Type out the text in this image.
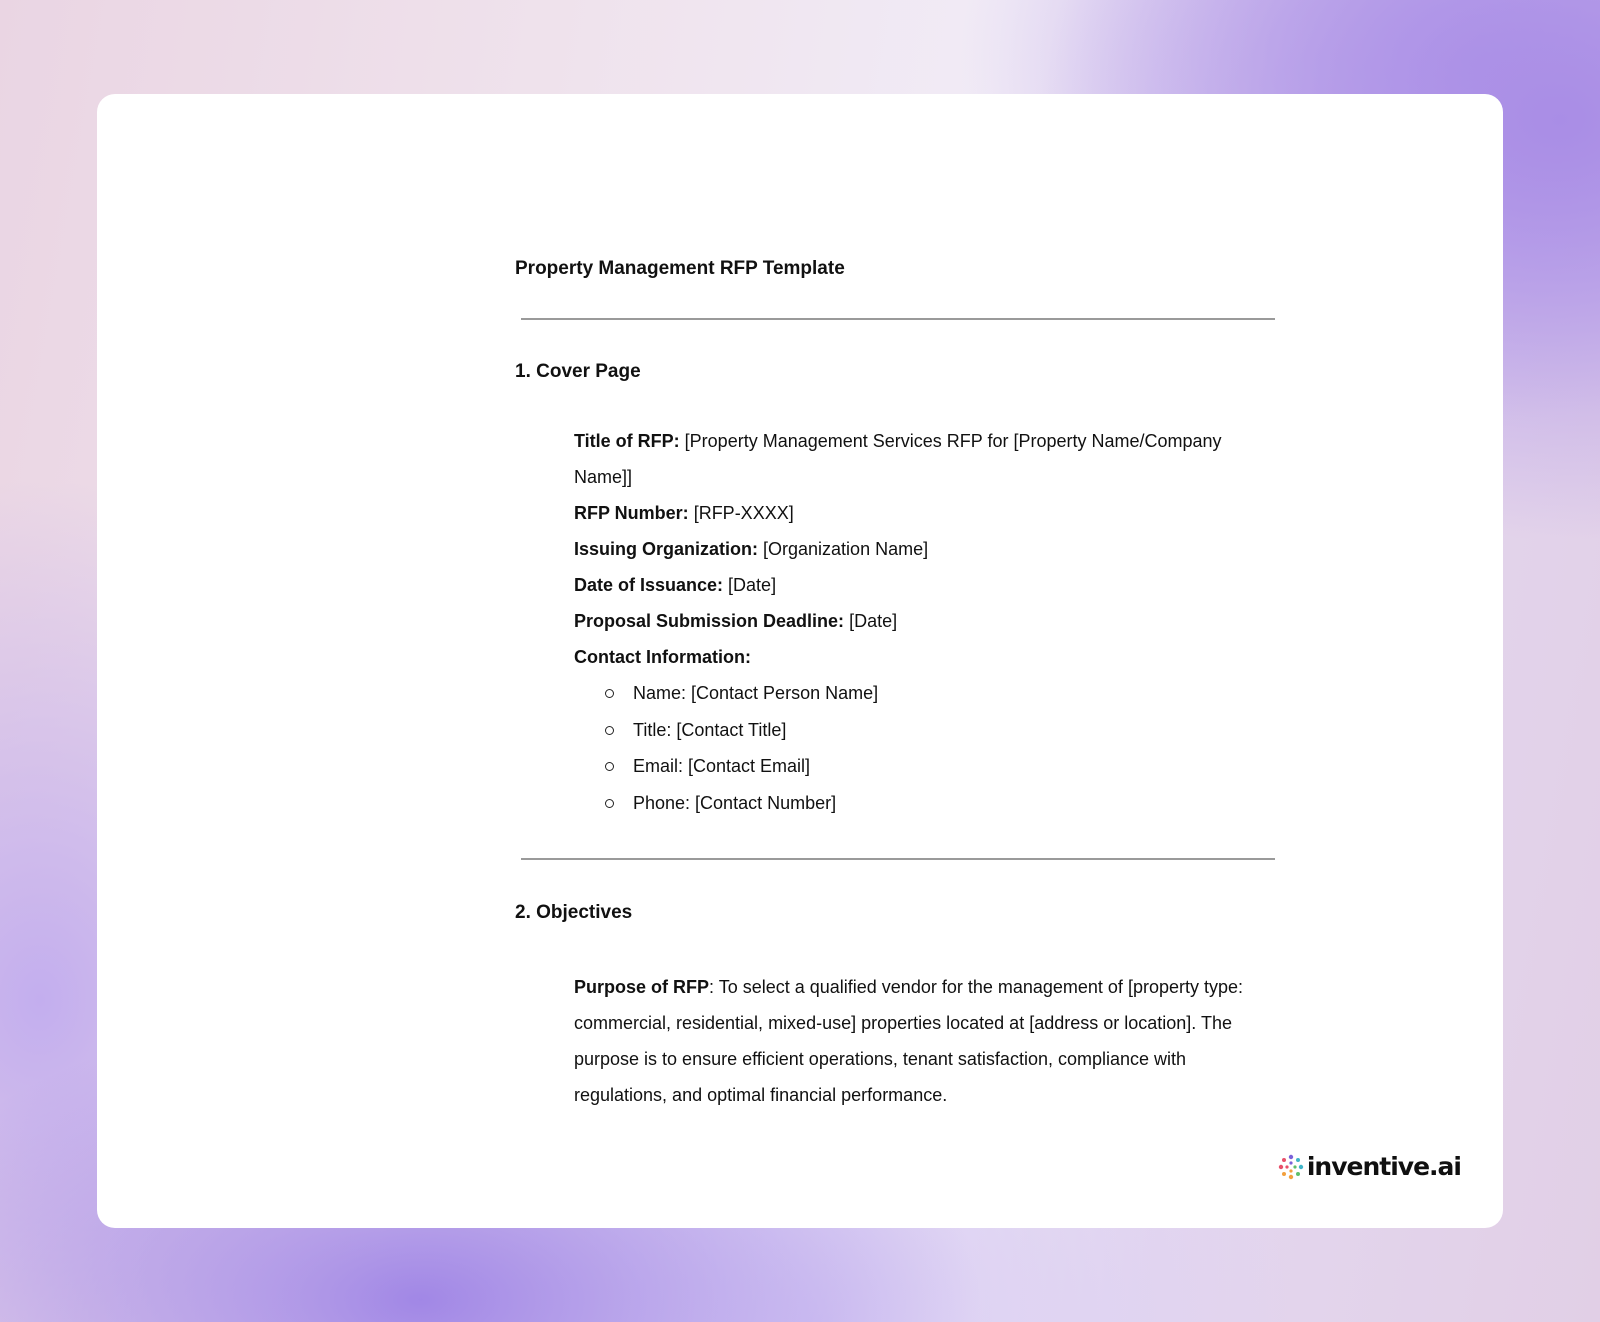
Property Management RFP Template
1. Cover Page
Title of RFP: [Property Management Services RFP for [Property Name/Company Name]]
RFP Number: [RFP-XXXX]
Issuing Organization: [Organization Name]
Date of Issuance: [Date]
Proposal Submission Deadline: [Date]
Contact Information:
Name: [Contact Person Name]
Title: [Contact Title]
Email: [Contact Email]
Phone: [Contact Number]
2. Objectives

Purpose of RFP: To select a qualified vendor for the management of [property type: commercial, residential, mixed-use] properties located at [address or location]. The purpose is to ensure efficient operations, tenant satisfaction, compliance with regulations, and optimal financial performance.

inventive.ai
